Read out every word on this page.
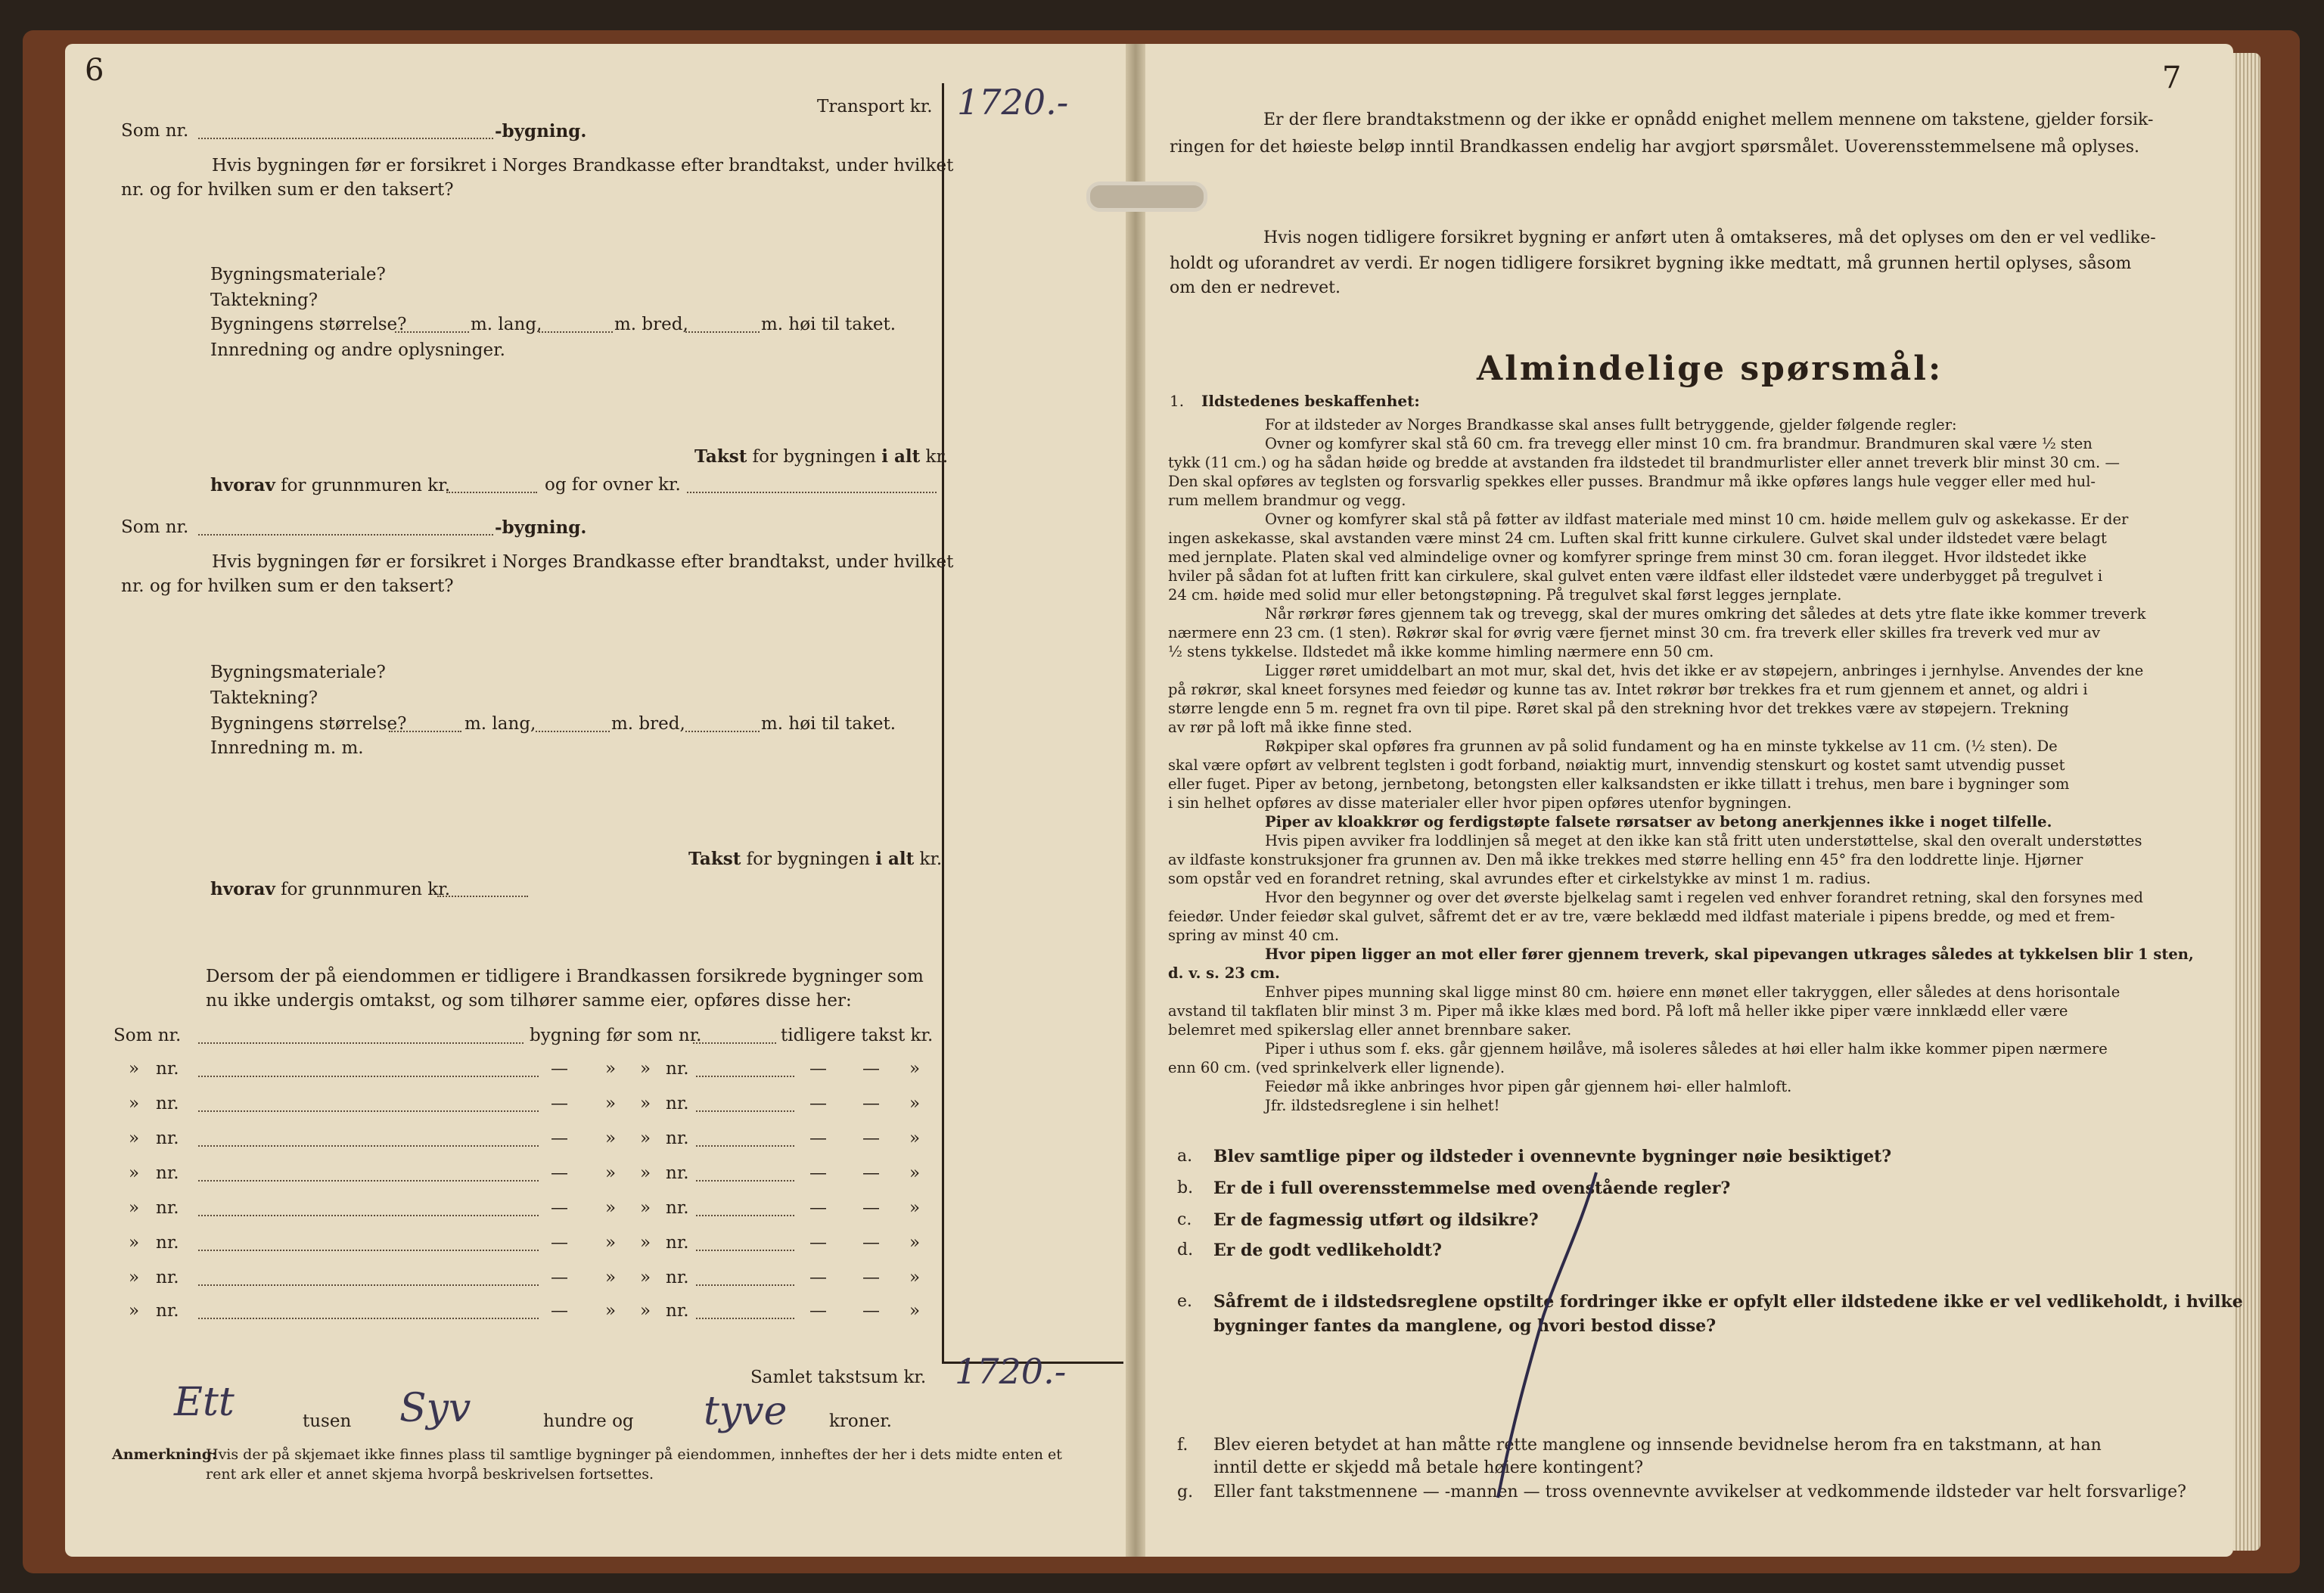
6
Transport kr. 1720.-
Som nr.	-bygning.
Hvis bygningen før er forsikret i Norges Brandkasse efter brandtakst, under hvilket
nr. og for hvilken sum er den taksert?
Bygningsmateriale?
Taktekning?
Bygningens størrelse?	m. lang,	m. bred,	m. høi til taket.
Innredning og andre oplysninger.
Takst for bygningen i alt kr.
hvorav for grunnmuren kr.	og for ovner kr.
Som nr.	-bygning.
Hvis bygningen før er forsikret i Norges Brandkasse efter brandtakst, under hvilket
nr. og for hvilken sum er den taksert?
Bygningsmateriale?
Taktekning?
Bygningens størrelse?	m. lang,	m. bred,	m. høi til taket.
Innredning m. m.
Takst for bygningen i alt kr.
hvorav for grunnmuren kr.
Dersom der på eiendommen er tidligere i Brandkassen forsikrede bygninger som
nu ikke undergis omtakst, og som tilhører samme eier, opføres disse her:
Som nr.	bygning før som nr.	tidligere takst kr.
» nr.	— » » nr.	— — »
» nr.	— » » nr.	— — »
» nr.	— » » nr.	— — »
» nr.	— » » nr.	— — »
» nr.	— » » nr.	— — »
» nr.	— » » nr.	— — »
» nr.	— » » nr.	— — »
» nr.	— » » nr.	— — »
Samlet takstsum kr. 1720.-
Ett	tusen Syv	hundre og tyve kroner.
Anmerkning:
Hvis der på skjemaet ikke finnes plass til samtlige bygninger på eiendommen, innheftes der her i dets midte enten et
rent ark eller et annet skjema hvorpå beskrivelsen fortsettes.
7
Er der flere brandtakstmenn og der ikke er opnådd enighet mellem mennene om takstene, gjelder forsik-
ringen for det høieste beløp inntil Brandkassen endelig har avgjort spørsmålet. Uoverensstemmelsene må oplyses.
Hvis nogen tidligere forsikret bygning er anført uten å omtakseres, må det oplyses om den er vel vedlike-
holdt og uforandret av verdi. Er nogen tidligere forsikret bygning ikke medtatt, må grunnen hertil oplyses, såsom
om den er nedrevet.
Almindelige spørsmål:
1. Ildstedenes beskaffenhet:
For at ildsteder av Norges Brandkasse skal anses fullt betryggende, gjelder følgende regler:
Ovner og komfyrer skal stå 60 cm. fra trevegg eller minst 10 cm. fra brandmur. Brandmuren skal være ½ sten
tykk (11 cm.) og ha sådan høide og bredde at avstanden fra ildstedet til brandmurlister eller annet treverk blir minst 30 cm. —
Den skal opføres av teglsten og forsvarlig spekkes eller pusses. Brandmur må ikke opføres langs hule vegger eller med hul-
rum mellem brandmur og vegg.
Ovner og komfyrer skal stå på føtter av ildfast materiale med minst 10 cm. høide mellem gulv og askekasse. Er der
ingen askekasse, skal avstanden være minst 24 cm. Luften skal fritt kunne cirkulere. Gulvet skal under ildstedet være belagt
med jernplate. Platen skal ved almindelige ovner og komfyrer springe frem minst 30 cm. foran ilegget. Hvor ildstedet ikke
hviler på sådan fot at luften fritt kan cirkulere, skal gulvet enten være ildfast eller ildstedet være underbygget på tregulvet i
24 cm. høide med solid mur eller betongstøpning. På tregulvet skal først legges jernplate.
Når rørkrør føres gjennem tak og trevegg, skal der mures omkring det således at dets ytre flate ikke kommer treverk
nærmere enn 23 cm. (1 sten). Røkrør skal for øvrig være fjernet minst 30 cm. fra treverk eller skilles fra treverk ved mur av
½ stens tykkelse. Ildstedet må ikke komme himling nærmere enn 50 cm.
Ligger røret umiddelbart an mot mur, skal det, hvis det ikke er av støpejern, anbringes i jernhylse. Anvendes der kne
på røkrør, skal kneet forsynes med feiedør og kunne tas av. Intet røkrør bør trekkes fra et rum gjennem et annet, og aldri i
større lengde enn 5 m. regnet fra ovn til pipe. Røret skal på den strekning hvor det trekkes være av støpejern. Trekning
av rør på loft må ikke finne sted.
Røkpiper skal opføres fra grunnen av på solid fundament og ha en minste tykkelse av 11 cm. (½ sten). De
skal være opført av velbrent teglsten i godt forband, nøiaktig murt, innvendig stenskurt og kostet samt utvendig pusset
eller fuget. Piper av betong, jernbetong, betongsten eller kalksandsten er ikke tillatt i trehus, men bare i bygninger som
i sin helhet opføres av disse materialer eller hvor pipen opføres utenfor bygningen.
Piper av kloakkrør og ferdigstøpte falsete rørsatser av betong anerkjennes ikke i noget tilfelle.
Hvis pipen avviker fra loddlinjen så meget at den ikke kan stå fritt uten understøttelse, skal den overalt understøttes
av ildfaste konstruksjoner fra grunnen av. Den må ikke trekkes med større helling enn 45° fra den loddrette linje. Hjørner
som opstår ved en forandret retning, skal avrundes efter et cirkelstykke av minst 1 m. radius.
Hvor den begynner og over det øverste bjelkelag samt i regelen ved enhver forandret retning, skal den forsynes med
feiedør. Under feiedør skal gulvet, såfremt det er av tre, være beklædd med ildfast materiale i pipens bredde, og med et frem-
spring av minst 40 cm.
Hvor pipen ligger an mot eller fører gjennem treverk, skal pipevangen utkrages således at tykkelsen blir 1 sten,
d. v. s. 23 cm.
Enhver pipes munning skal ligge minst 80 cm. høiere enn mønet eller takryggen, eller således at dens horisontale
avstand til takflaten blir minst 3 m. Piper må ikke klæs med bord. På loft må heller ikke piper være innklædd eller være
belemret med spikerslag eller annet brennbare saker.
Piper i uthus som f. eks. går gjennem høilåve, må isoleres således at høi eller halm ikke kommer pipen nærmere
enn 60 cm. (ved sprinkelverk eller lignende).
Feiedør må ikke anbringes hvor pipen går gjennem høi- eller halmloft.
Jfr. ildstedsreglene i sin helhet!
a. Blev samtlige piper og ildsteder i ovennevnte bygninger nøie besiktiget?
b. Er de i full overensstemmelse med ovenstående regler?
c. Er de fagmessig utført og ildsikre?
d. Er de godt vedlikeholdt?
e. Såfremt de i ildstedsreglene opstilte fordringer ikke er opfylt eller ildstedene ikke er vel vedlikeholdt, i hvilke
bygninger fantes da manglene, og hvori bestod disse?
f. Blev eieren betydet at han måtte rette manglene og innsende bevidnelse herom fra en takstmann, at han
inntil dette er skjedd må betale høiere kontingent?
g. Eller fant takstmennene — -mannen — tross ovennevnte avvikelser at vedkommende ildsteder var helt forsvarlige?
